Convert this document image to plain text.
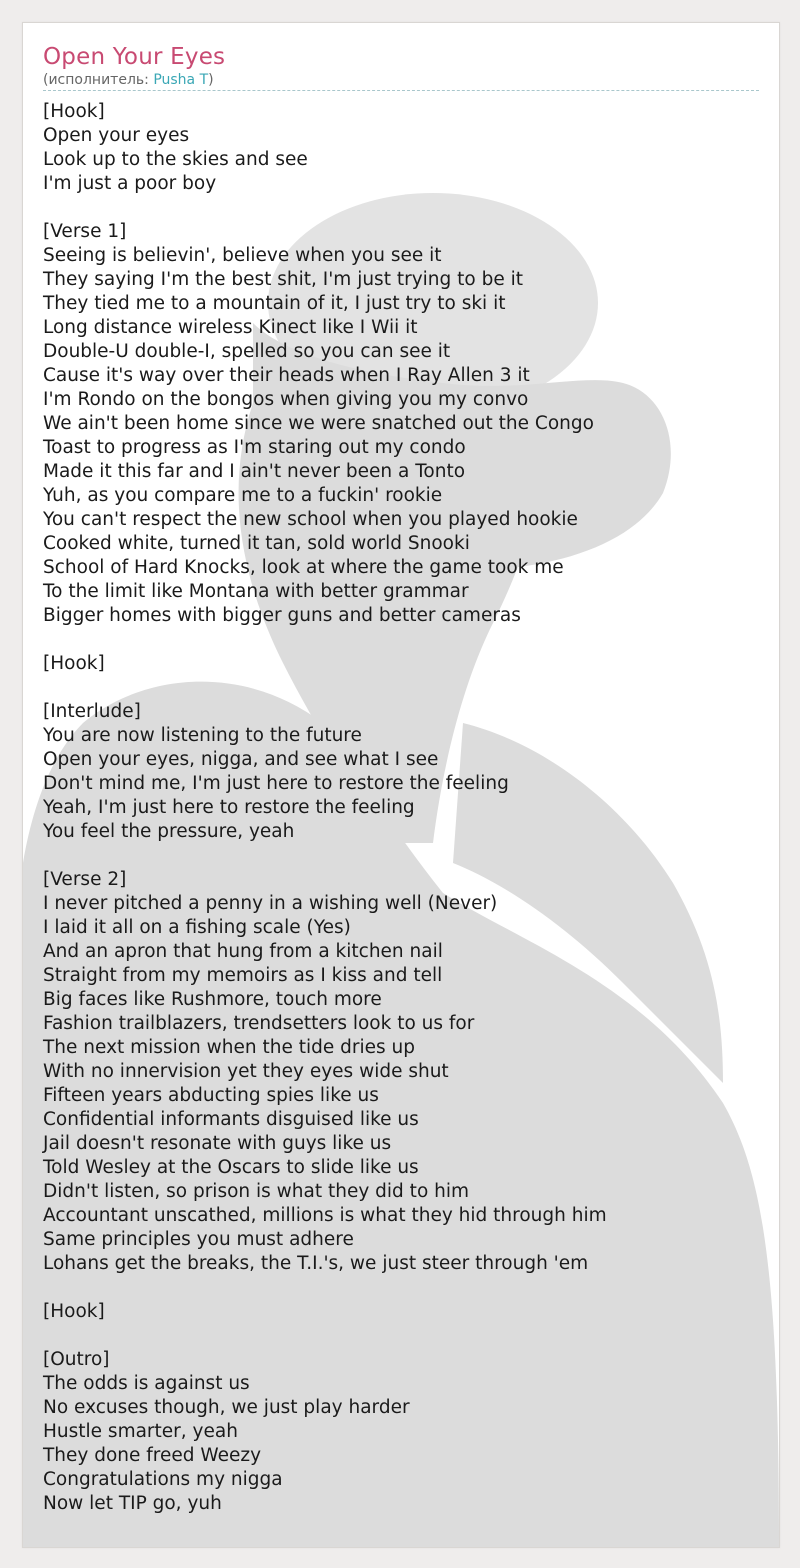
Open Your Eyes
(исполнитель: Pusha T)
[Hook]
Open your eyes
Look up to the skies and see
I'm just a poor boy
[Verse 1]
Seeing is believin', believe when you see it
They saying I'm the best shit, I'm just trying to be it
They tied me to a mountain of it, I just try to ski it
Long distance wireless Kinect like I Wii it
Double-U double-I, spelled so you can see it
Cause it's way over their heads when I Ray Allen 3 it
I'm Rondo on the bongos when giving you my convo
We ain't been home since we were snatched out the Congo
Toast to progress as I'm staring out my condo
Made it this far and I ain't never been a Tonto
Yuh, as you compare me to a fuckin' rookie
You can't respect the new school when you played hookie
Cooked white, turned it tan, sold world Snooki
School of Hard Knocks, look at where the game took me
To the limit like Montana with better grammar
Bigger homes with bigger guns and better cameras
[Hook]
[Interlude]
You are now listening to the future
Open your eyes, nigga, and see what I see
Don't mind me, I'm just here to restore the feeling
Yeah, I'm just here to restore the feeling
You feel the pressure, yeah
[Verse 2]
I never pitched a penny in a wishing well (Never)
I laid it all on a fishing scale (Yes)
And an apron that hung from a kitchen nail
Straight from my memoirs as I kiss and tell
Big faces like Rushmore, touch more
Fashion trailblazers, trendsetters look to us for
The next mission when the tide dries up
With no innervision yet they eyes wide shut
Fifteen years abducting spies like us
Confidential informants disguised like us
Jail doesn't resonate with guys like us
Told Wesley at the Oscars to slide like us
Didn't listen, so prison is what they did to him
Accountant unscathed, millions is what they hid through him
Same principles you must adhere
Lohans get the breaks, the T.I.'s, we just steer through 'em
[Hook]
[Outro]
The odds is against us
No excuses though, we just play harder
Hustle smarter, yeah
They done freed Weezy
Congratulations my nigga
Now let TIP go, yuh
